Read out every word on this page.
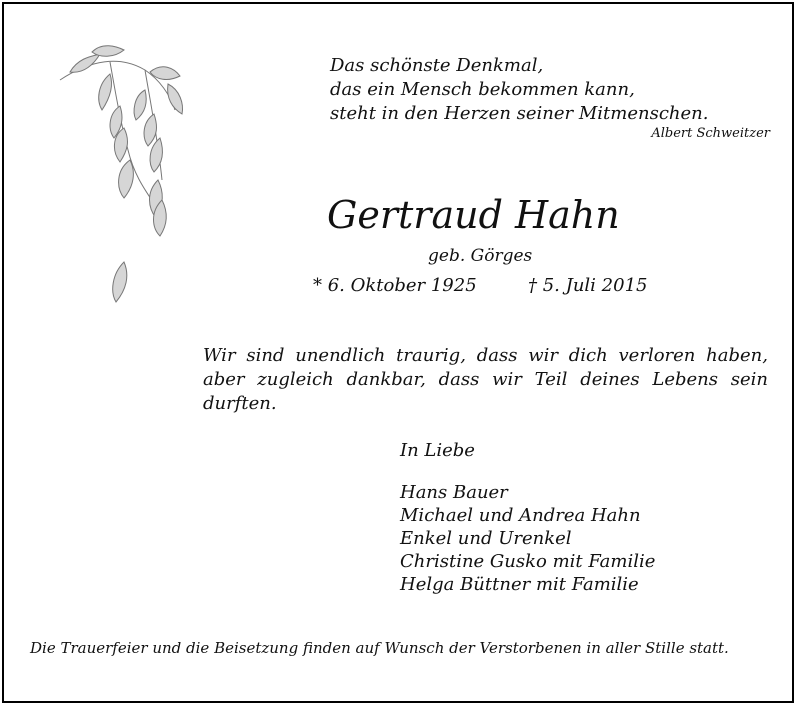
Das schönste Denkmal,
das ein Mensch bekommen kann,
steht in den Herzen seiner Mitmenschen.
Albert Schweitzer
Gertraud Hahn
geb. Görges
* 6. Oktober 1925	† 5. Juli 2015
Wir sind unendlich traurig, dass wir dich verloren haben, aber zugleich dankbar, dass wir Teil deines Lebens sein durften.
In Liebe
Hans Bauer
Michael und Andrea Hahn
Enkel und Urenkel
Christine Gusko mit Familie
Helga Büttner mit Familie
Die Trauerfeier und die Beisetzung finden auf Wunsch der Verstorbenen in aller Stille statt.
